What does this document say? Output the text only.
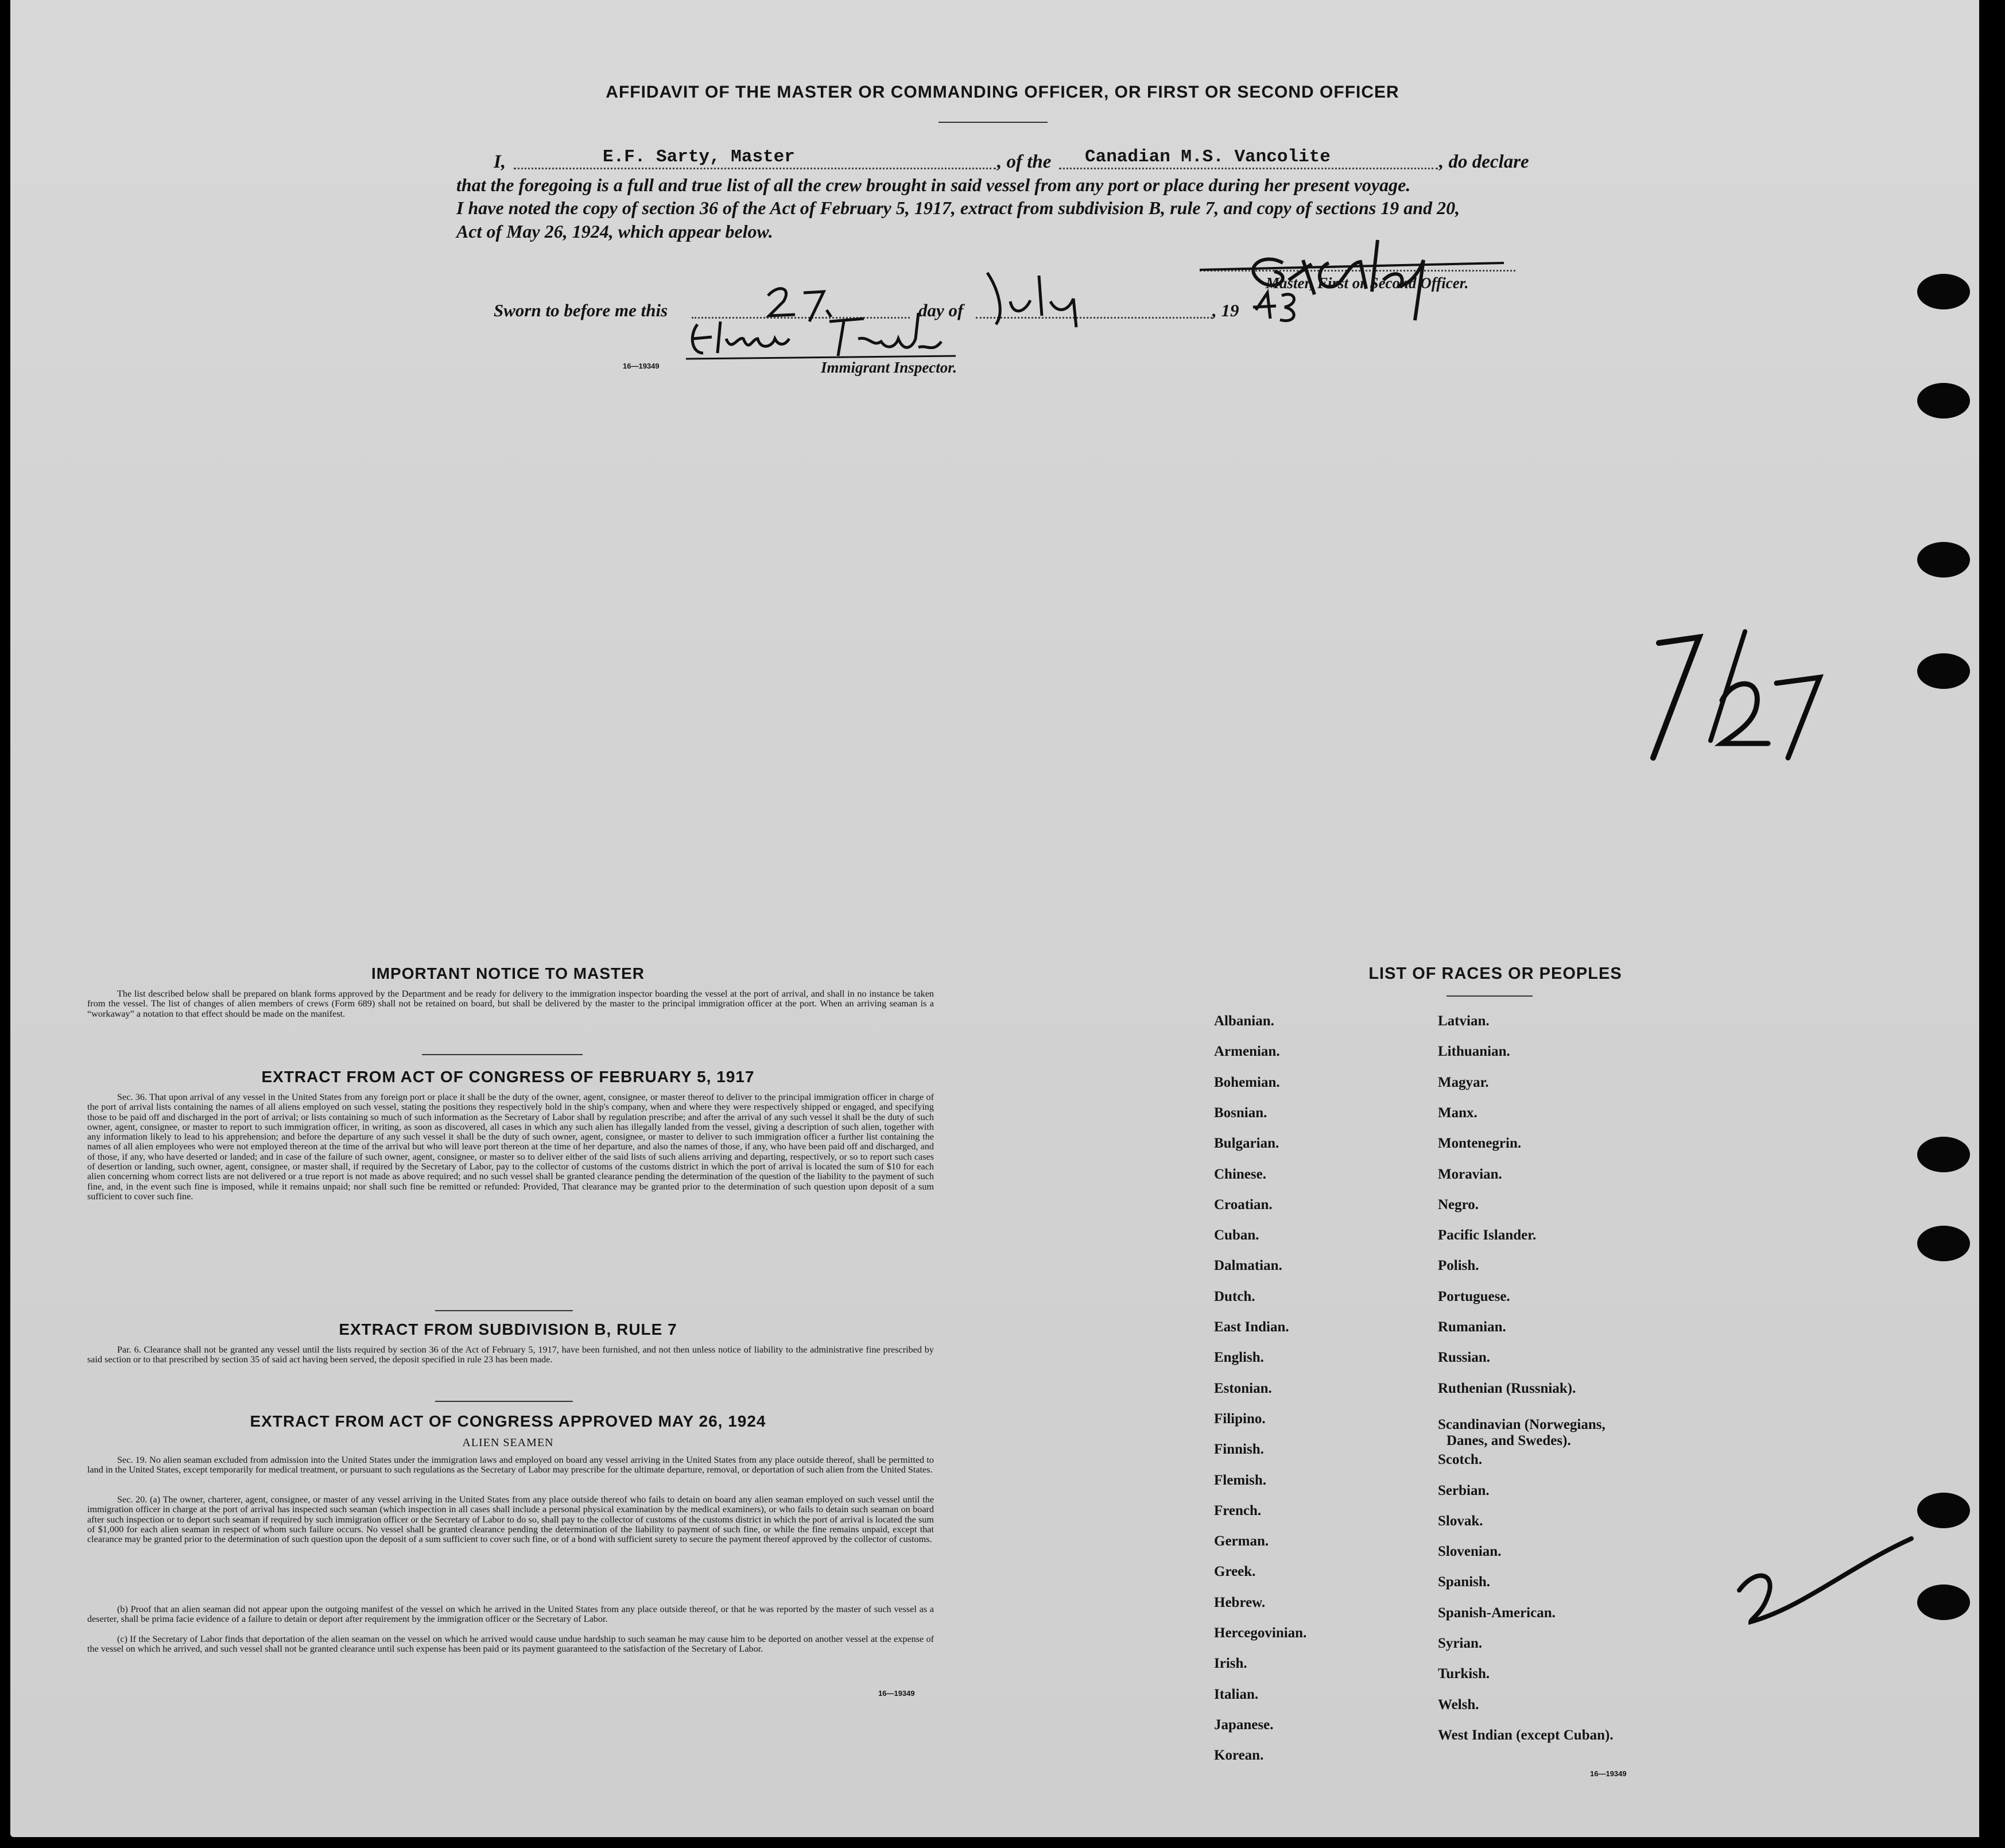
AFFIDAVIT OF THE MASTER OR COMMANDING OFFICER, OR FIRST OR SECOND OFFICER
I,	E.F. Sarty, Master	, of the Canadian M.S. Vancolite	, do declare
that the foregoing is a full and true list of all the crew brought in said vessel from any port or place during her present voyage.
I have noted the copy of section 36 of the Act of February 5, 1917, extract from subdivision B, rule 7, and copy of sections 19 and 20,
Act of May 26, 1924, which appear below.
Master, First or Second Officer.
Sworn to before me this	day of	, 19
16—19349	Immigrant Inspector.
IMPORTANT NOTICE TO MASTER

The list described below shall be prepared on blank forms approved by the Department and be ready for delivery to the immigration inspector boarding the vessel at the port of arrival, and shall in no instance be taken from the vessel. The list of changes of alien members of crews (Form 689) shall not be retained on board, but shall be delivered by the master to the principal immigration officer at the port. When an arriving seaman is a “workaway” a notation to that effect should be made on the manifest.

EXTRACT FROM ACT OF CONGRESS OF FEBRUARY 5, 1917

Sec. 36. That upon arrival of any vessel in the United States from any foreign port or place it shall be the duty of the owner, agent, consignee, or master thereof to deliver to the principal immigration officer in charge of the port of arrival lists containing the names of all aliens employed on such vessel, stating the positions they respectively hold in the ship's company, when and where they were respectively shipped or engaged, and specifying those to be paid off and discharged in the port of arrival; or lists containing so much of such information as the Secretary of Labor shall by regulation prescribe; and after the arrival of any such vessel it shall be the duty of such owner, agent, consignee, or master to report to such immigration officer, in writing, as soon as discovered, all cases in which any such alien has illegally landed from the vessel, giving a description of such alien, together with any information likely to lead to his apprehension; and before the departure of any such vessel it shall be the duty of such owner, agent, consignee, or master to deliver to such immigration officer a further list containing the names of all alien employees who were not employed thereon at the time of the arrival but who will leave port thereon at the time of her departure, and also the names of those, if any, who have been paid off and discharged, and of those, if any, who have deserted or landed; and in case of the failure of such owner, agent, consignee, or master so to deliver either of the said lists of such aliens arriving and departing, respectively, or so to report such cases of desertion or landing, such owner, agent, consignee, or master shall, if required by the Secretary of Labor, pay to the collector of customs of the customs district in which the port of arrival is located the sum of $10 for each alien concerning whom correct lists are not delivered or a true report is not made as above required; and no such vessel shall be granted clearance pending the determination of the question of the liability to the payment of such fine, and, in the event such fine is imposed, while it remains unpaid; nor shall such fine be remitted or refunded: Provided, That clearance may be granted prior to the determination of such question upon deposit of a sum sufficient to cover such fine.

EXTRACT FROM SUBDIVISION B, RULE 7

Par. 6. Clearance shall not be granted any vessel until the lists required by section 36 of the Act of February 5, 1917, have been furnished, and not then unless notice of liability to the administrative fine prescribed by said section or to that prescribed by section 35 of said act having been served, the deposit specified in rule 23 has been made.

EXTRACT FROM ACT OF CONGRESS APPROVED MAY 26, 1924
ALIEN SEAMEN

Sec. 19. No alien seaman excluded from admission into the United States under the immigration laws and employed on board any vessel arriving in the United States from any place outside thereof, shall be permitted to land in the United States, except temporarily for medical treatment, or pursuant to such regulations as the Secretary of Labor may prescribe for the ultimate departure, removal, or deportation of such alien from the United States.

Sec. 20. (a) The owner, charterer, agent, consignee, or master of any vessel arriving in the United States from any place outside thereof who fails to detain on board any alien seaman employed on such vessel until the immigration officer in charge at the port of arrival has inspected such seaman (which inspection in all cases shall include a personal physical examination by the medical examiners), or who fails to detain such seaman on board after such inspection or to deport such seaman if required by such immigration officer or the Secretary of Labor to do so, shall pay to the collector of customs of the customs district in which the port of arrival is located the sum of $1,000 for each alien seaman in respect of whom such failure occurs. No vessel shall be granted clearance pending the determination of the liability to payment of such fine, or while the fine remains unpaid, except that clearance may be granted prior to the determination of such question upon the deposit of a sum sufficient to cover such fine, or of a bond with sufficient surety to secure the payment thereof approved by the collector of customs.

(b) Proof that an alien seaman did not appear upon the outgoing manifest of the vessel on which he arrived in the United States from any place outside thereof, or that he was reported by the master of such vessel as a deserter, shall be prima facie evidence of a failure to detain or deport after requirement by the immigration officer or the Secretary of Labor.

(c) If the Secretary of Labor finds that deportation of the alien seaman on the vessel on which he arrived would cause undue hardship to such seaman he may cause him to be deported on another vessel at the expense of the vessel on which he arrived, and such vessel shall not be granted clearance until such expense has been paid or its payment guaranteed to the satisfaction of the Secretary of Labor.

16—19349
LIST OF RACES OR PEOPLES
Albanian.
Armenian.
Bohemian.
Bosnian.
Bulgarian.
Chinese.
Croatian.
Cuban.
Dalmatian.
Dutch.
East Indian.
English.
Estonian.
Filipino.
Finnish.
Flemish.
French.
German.
Greek.
Hebrew.
Hercegovinian.
Irish.
Italian.
Japanese.
Korean.
Latvian.
Lithuanian.
Magyar.
Manx.
Montenegrin.
Moravian.
Negro.
Pacific Islander.
Polish.
Portuguese.
Rumanian.
Russian.
Ruthenian (Russniak).
Scandinavian (Norwegians,
Danes, and Swedes).
Scotch.
Serbian.
Slovak.
Slovenian.
Spanish.
Spanish-American.
Syrian.
Turkish.
Welsh.
West Indian (except Cuban).
16—19349
